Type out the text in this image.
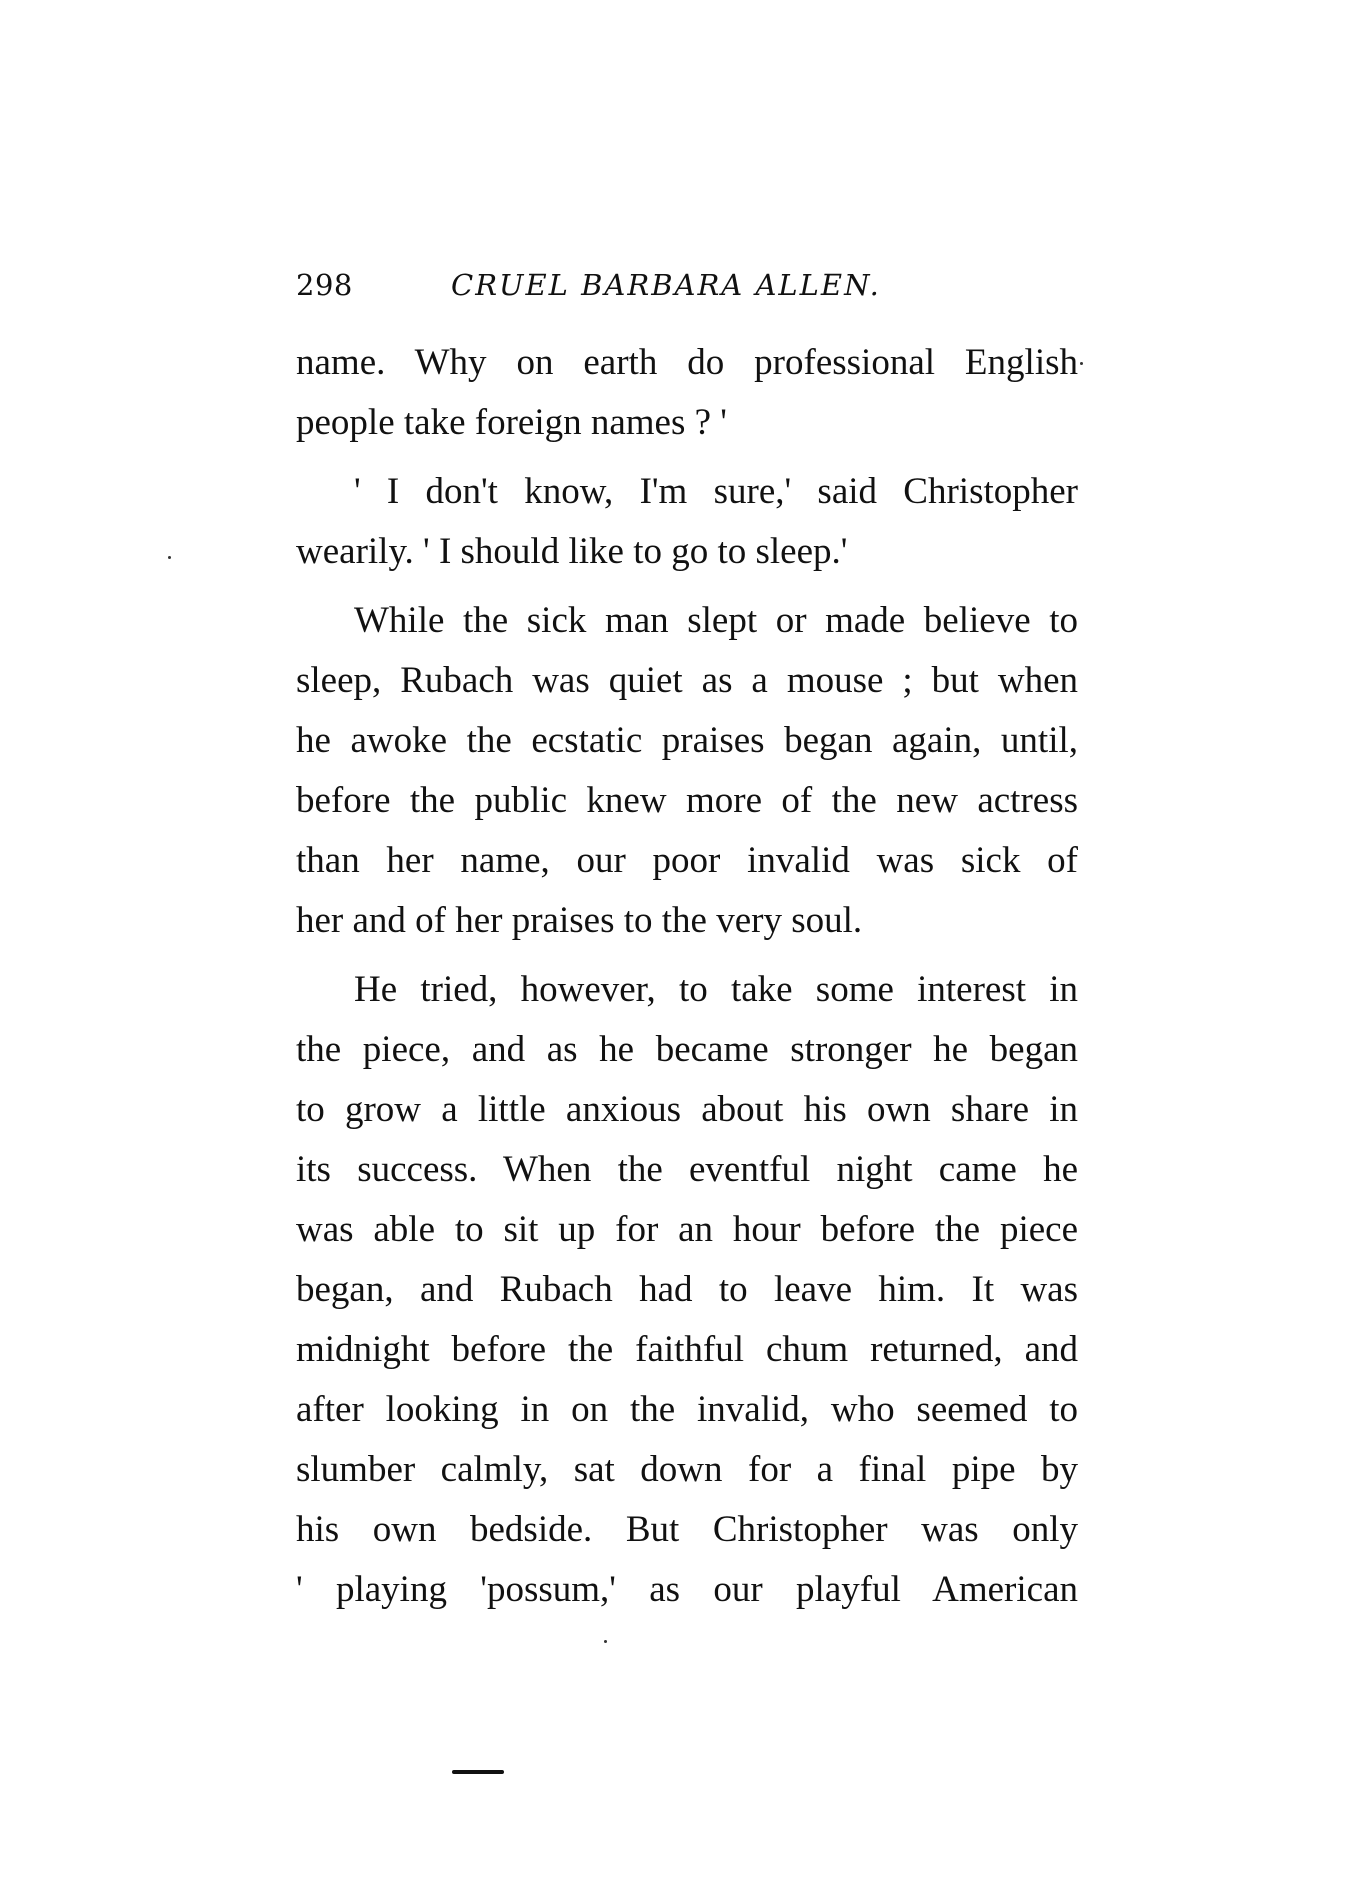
298	CRUEL BARBARA ALLEN.
name. Why on earth do professional English
people take foreign names ? '
' I don't know, I'm sure,' said Christopher
wearily. ' I should like to go to sleep.'
While the sick man slept or made believe to
sleep, Rubach was quiet as a mouse ; but when
he awoke the ecstatic praises began again, until,
before the public knew more of the new actress
than her name, our poor invalid was sick of
her and of her praises to the very soul.
He tried, however, to take some interest in
the piece, and as he became stronger he began
to grow a little anxious about his own share in
its success. When the eventful night came he
was able to sit up for an hour before the piece
began, and Rubach had to leave him. It was
midnight before the faithful chum returned, and
after looking in on the invalid, who seemed to
slumber calmly, sat down for a final pipe by
his own bedside. But Christopher was only
' playing 'possum,' as our playful American
